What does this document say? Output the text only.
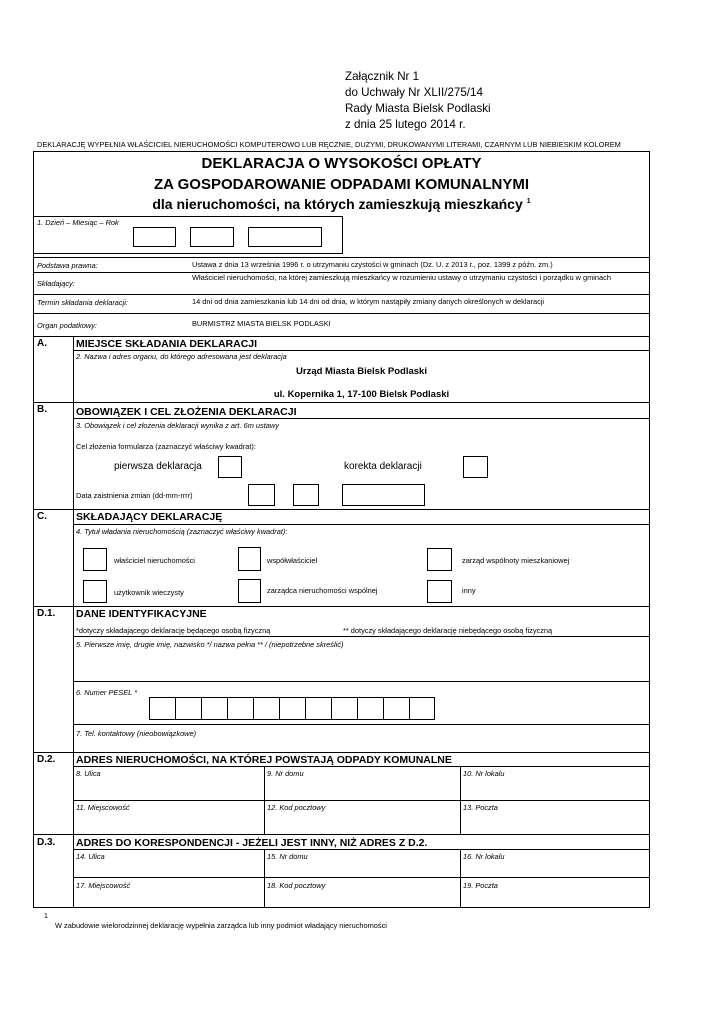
Załącznik Nr 1
do Uchwały Nr XLII/275/14
Rady Miasta Bielsk Podlaski
z dnia 25 lutego 2014 r.
DEKLARACJĘ WYPEŁNIA WŁAŚCICIEL NIERUCHOMOŚCI KOMPUTEROWO LUB RĘCZNIE, DUŻYMI, DRUKOWANYMI LITERAMI, CZARNYM LUB NIEBIESKIM KOLOREM
DEKLARACJA O WYSOKOŚCI OPŁATY
ZA GOSPODAROWANIE ODPADAMI KOMUNALNYMI
dla nieruchomości, na których zamieszkują mieszkańcy $^1$
1. Dzień – Miesiąc – Rok
Podstawa prawna:	Ustawa z dnia 13 września 1996 r. o utrzymaniu czystości w gminach (Dz. U. z 2013 r., poz. 1399 z późn. zm.)
Składający:
Właściciel nieruchomości, na której zamieszkują mieszkańcy w rozumieniu ustawy o utrzymaniu czystości i porządku w gminach
Termin składania deklaracji:	14 dni od dnia zamieszkania lub 14 dni od dnia, w którym nastąpiły zmiany danych określonych w deklaracji
Organ podatkowy:	BURMISTRZ MIASTA BIELSK PODLASKI
A.	MIEJSCE SKŁADANIA DEKLARACJI
2. Nazwa i adres organu, do którego adresowana jest deklaracja
Urząd Miasta Bielsk Podlaski
ul. Kopernika 1, 17-100 Bielsk Podlaski
B.	OBOWIĄZEK I CEL ZŁOŻENIA DEKLARACJI
3. Obowiązek i cel złożenia deklaracji wynika z art. 6m ustawy
Cel złożenia formularza (zaznaczyć właściwy kwadrat):
pierwsza deklaracja	korekta deklaracji
Data zaistnienia zmian (dd-mm-rrrr)
C.	SKŁADAJĄCY DEKLARACJĘ
4. Tytuł władania nieruchomością (zaznaczyć właściwy kwadrat):
właściciel nieruchomości	współwłaściciel	zarząd wspólnoty mieszkaniowej
użytkownik wieczysty	zarządca nieruchomości wspólnej	inny
D.1. DANE IDENTYFIKACYJNE
*dotyczy składającego deklarację będącego osobą fizyczną	** dotyczy składającego deklarację niebędącego osobą fizyczną
5. Pierwsze imię, drugie imię, nazwisko */ nazwa pełna ** / (niepotrzebne skreślić)
6. Numer PESEL *
7. Tel. kontaktowy (nieobowiązkowe)
D.2. ADRES NIERUCHOMOŚCI, NA KTÓREJ POWSTAJĄ ODPADY KOMUNALNE
8. Ulica	9. Nr domu	10. Nr lokalu
11. Miejscowość	12. Kod pocztowy	13. Poczta
D.3. ADRES DO KORESPONDENCJI - JEŻELI JEST INNY, NIŻ ADRES Z D.2.
14. Ulica	15. Nr domu	16. Nr lokalu
17. Miejscowość	18. Kod pocztowy	19. Poczta
1
W zabudowie wielorodzinnej deklarację wypełnia zarządca lub inny podmiot władający nieruchomości
